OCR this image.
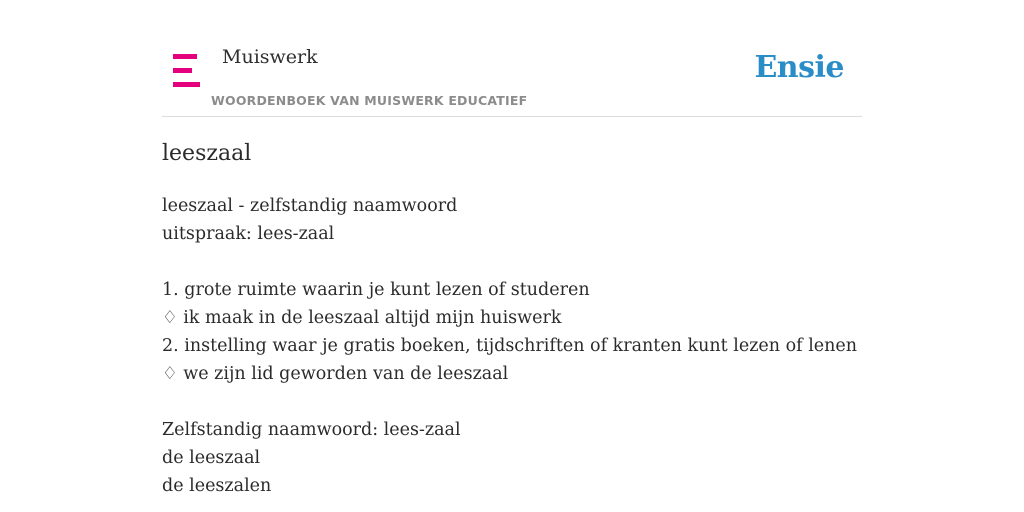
Muiswerk
WOORDENBOEK VAN MUISWERK EDUCATIEF
Ensie
leeszaal
leeszaal - zelfstandig naamwoord
uitspraak: lees-zaal
1. grote ruimte waarin je kunt lezen of studeren
♢ ik maak in de leeszaal altijd mijn huiswerk
2. instelling waar je gratis boeken, tijdschriften of kranten kunt lezen of lenen
♢ we zijn lid geworden van de leeszaal
Zelfstandig naamwoord: lees-zaal
de leeszaal
de leeszalen
